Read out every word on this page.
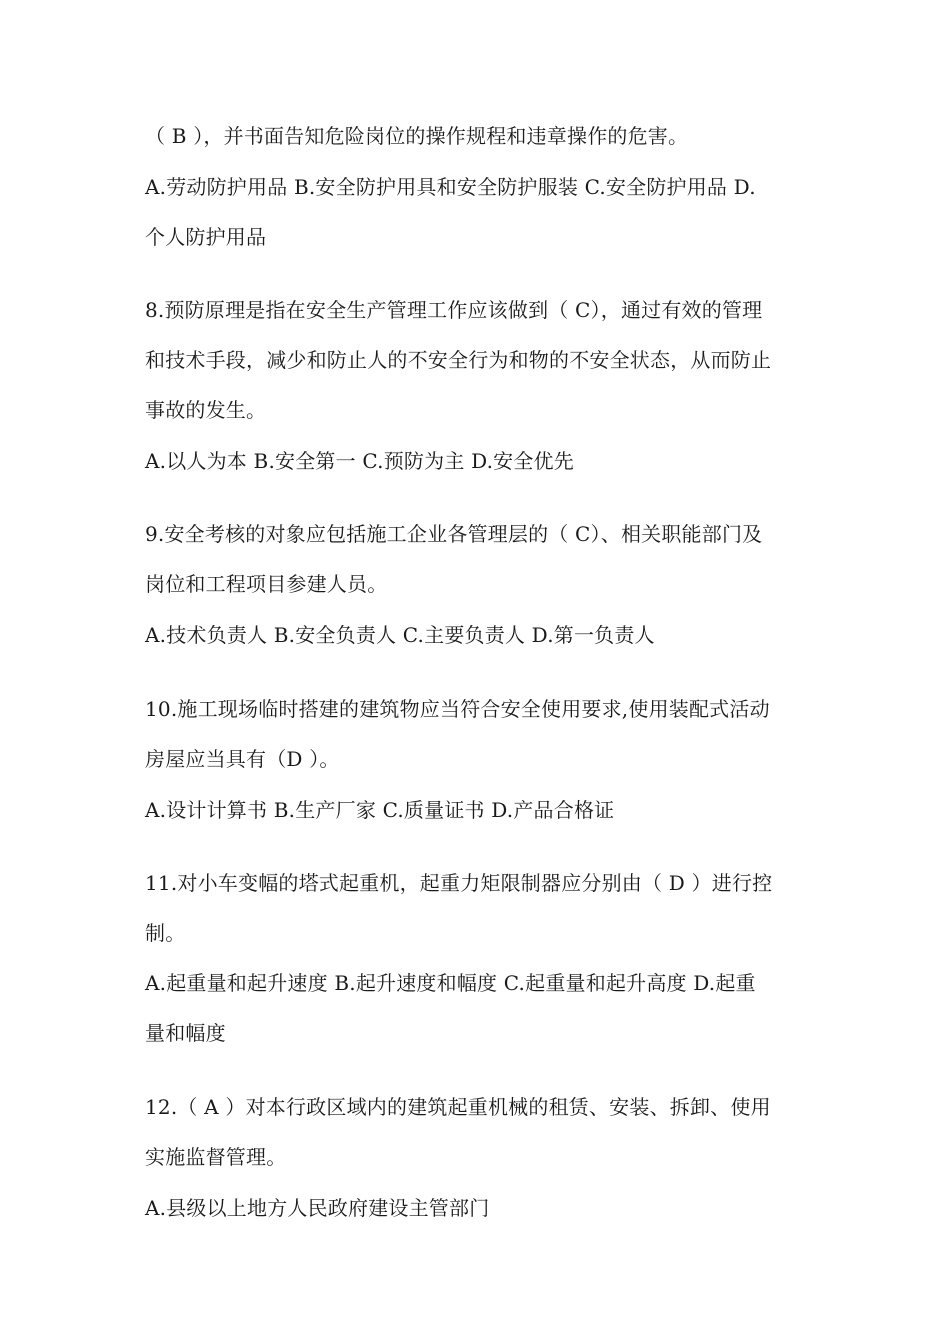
（ B ），并书面告知危险岗位的操作规程和违章操作的危害。
A.劳动防护用品 B.安全防护用具和安全防护服装 C.安全防护用品 D.
个人防护用品
8.预防原理是指在安全生产管理工作应该做到（ C），通过有效的管理
和技术手段，减少和防止人的不安全行为和物的不安全状态，从而防止
事故的发生。
A.以人为本 B.安全第一 C.预防为主 D.安全优先
9.安全考核的对象应包括施工企业各管理层的（ C）、相关职能部门及
岗位和工程项目参建人员。
A.技术负责人 B.安全负责人 C.主要负责人 D.第一负责人
10.施工现场临时搭建的建筑物应当符合安全使用要求,使用装配式活动
房屋应当具有（D ）。
A.设计计算书 B.生产厂家 C.质量证书 D.产品合格证
11.对小车变幅的塔式起重机，起重力矩限制器应分别由（ D ）进行控
制。
A.起重量和起升速度 B.起升速度和幅度 C.起重量和起升高度 D.起重
量和幅度
12.（ A ）对本行政区域内的建筑起重机械的租赁、安装、拆卸、使用
实施监督管理。
A.县级以上地方人民政府建设主管部门
